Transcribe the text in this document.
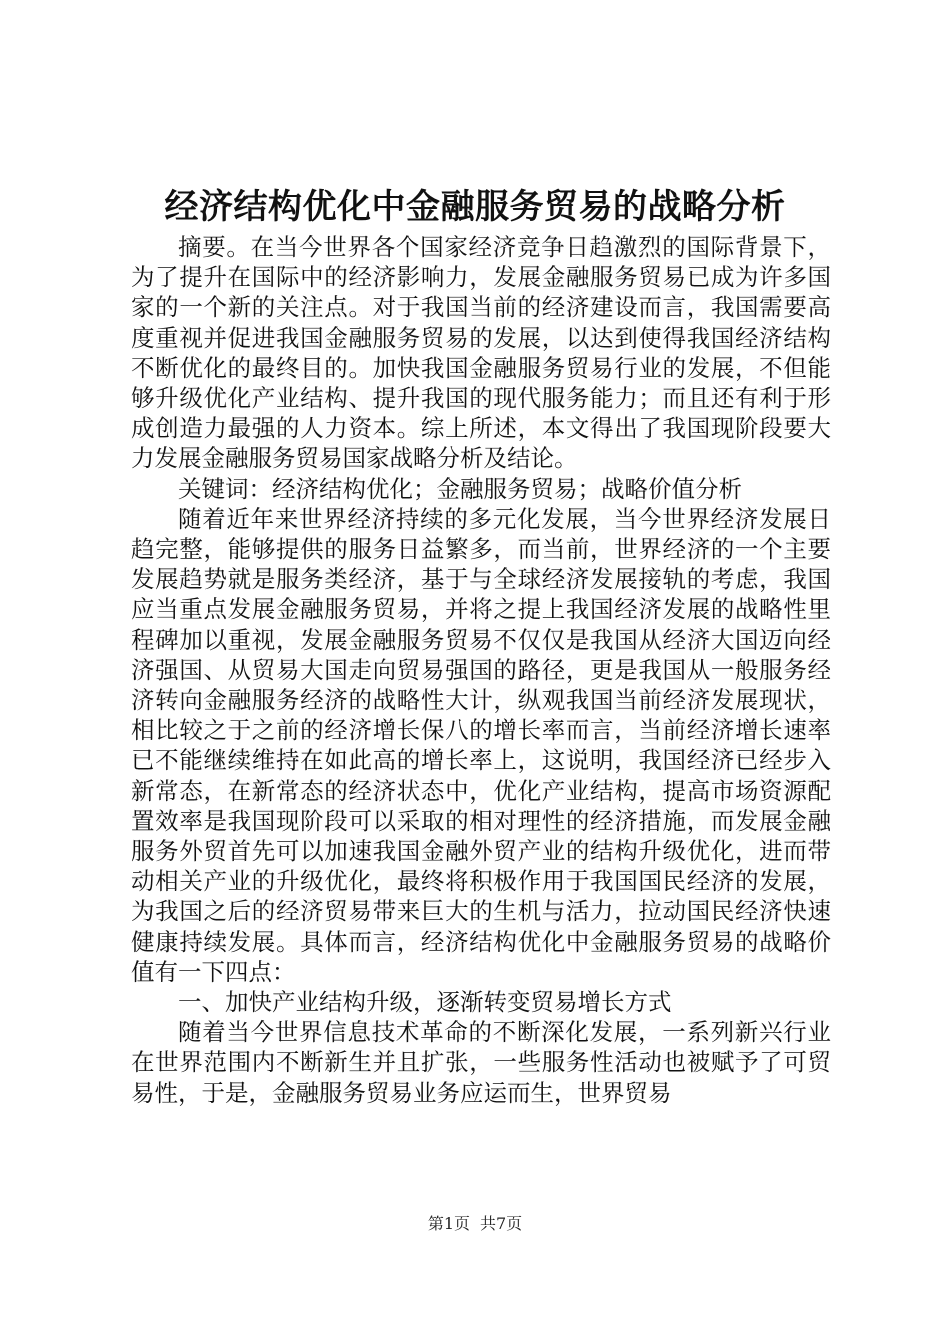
经济结构优化中金融服务贸易的战略分析

摘要。在当今世界各个国家经济竞争日趋激烈的国际背景下，为了提升在国际中的经济影响力，发展金融服务贸易已成为许多国家的一个新的关注点。对于我国当前的经济建设而言，我国需要高度重视并促进我国金融服务贸易的发展，以达到使得我国经济结构不断优化的最终目的。加快我国金融服务贸易行业的发展，不但能够升级优化产业结构、提升我国的现代服务能力；而且还有利于形成创造力最强的人力资本。综上所述，本文得出了我国现阶段要大力发展金融服务贸易国家战略分析及结论。

关键词：经济结构优化；金融服务贸易；战略价值分析

随着近年来世界经济持续的多元化发展，当今世界经济发展日趋完整，能够提供的服务日益繁多，而当前，世界经济的一个主要发展趋势就是服务类经济，基于与全球经济发展接轨的考虑，我国应当重点发展金融服务贸易，并将之提上我国经济发展的战略性里程碑加以重视，发展金融服务贸易不仅仅是我国从经济大国迈向经济强国、从贸易大国走向贸易强国的路径，更是我国从一般服务经济转向金融服务经济的战略性大计，纵观我国当前经济发展现状，相比较之于之前的经济增长保八的增长率而言，当前经济增长速率已不能继续维持在如此高的增长率上，这说明，我国经济已经步入新常态，在新常态的经济状态中，优化产业结构，提高市场资源配置效率是我国现阶段可以采取的相对理性的经济措施，而发展金融服务外贸首先可以加速我国金融外贸产业的结构升级优化，进而带动相关产业的升级优化，最终将积极作用于我国国民经济的发展，为我国之后的经济贸易带来巨大的生机与活力，拉动国民经济快速健康持续发展。具体而言，经济结构优化中金融服务贸易的战略价值有一下四点：

一、加快产业结构升级，逐渐转变贸易增长方式

随着当今世界信息技术革命的不断深化发展，一系列新兴行业在世界范围内不断新生并且扩张，一些服务性活动也被赋予了可贸易性，于是，金融服务贸易业务应运而生，世界贸易

第1页 共7页
